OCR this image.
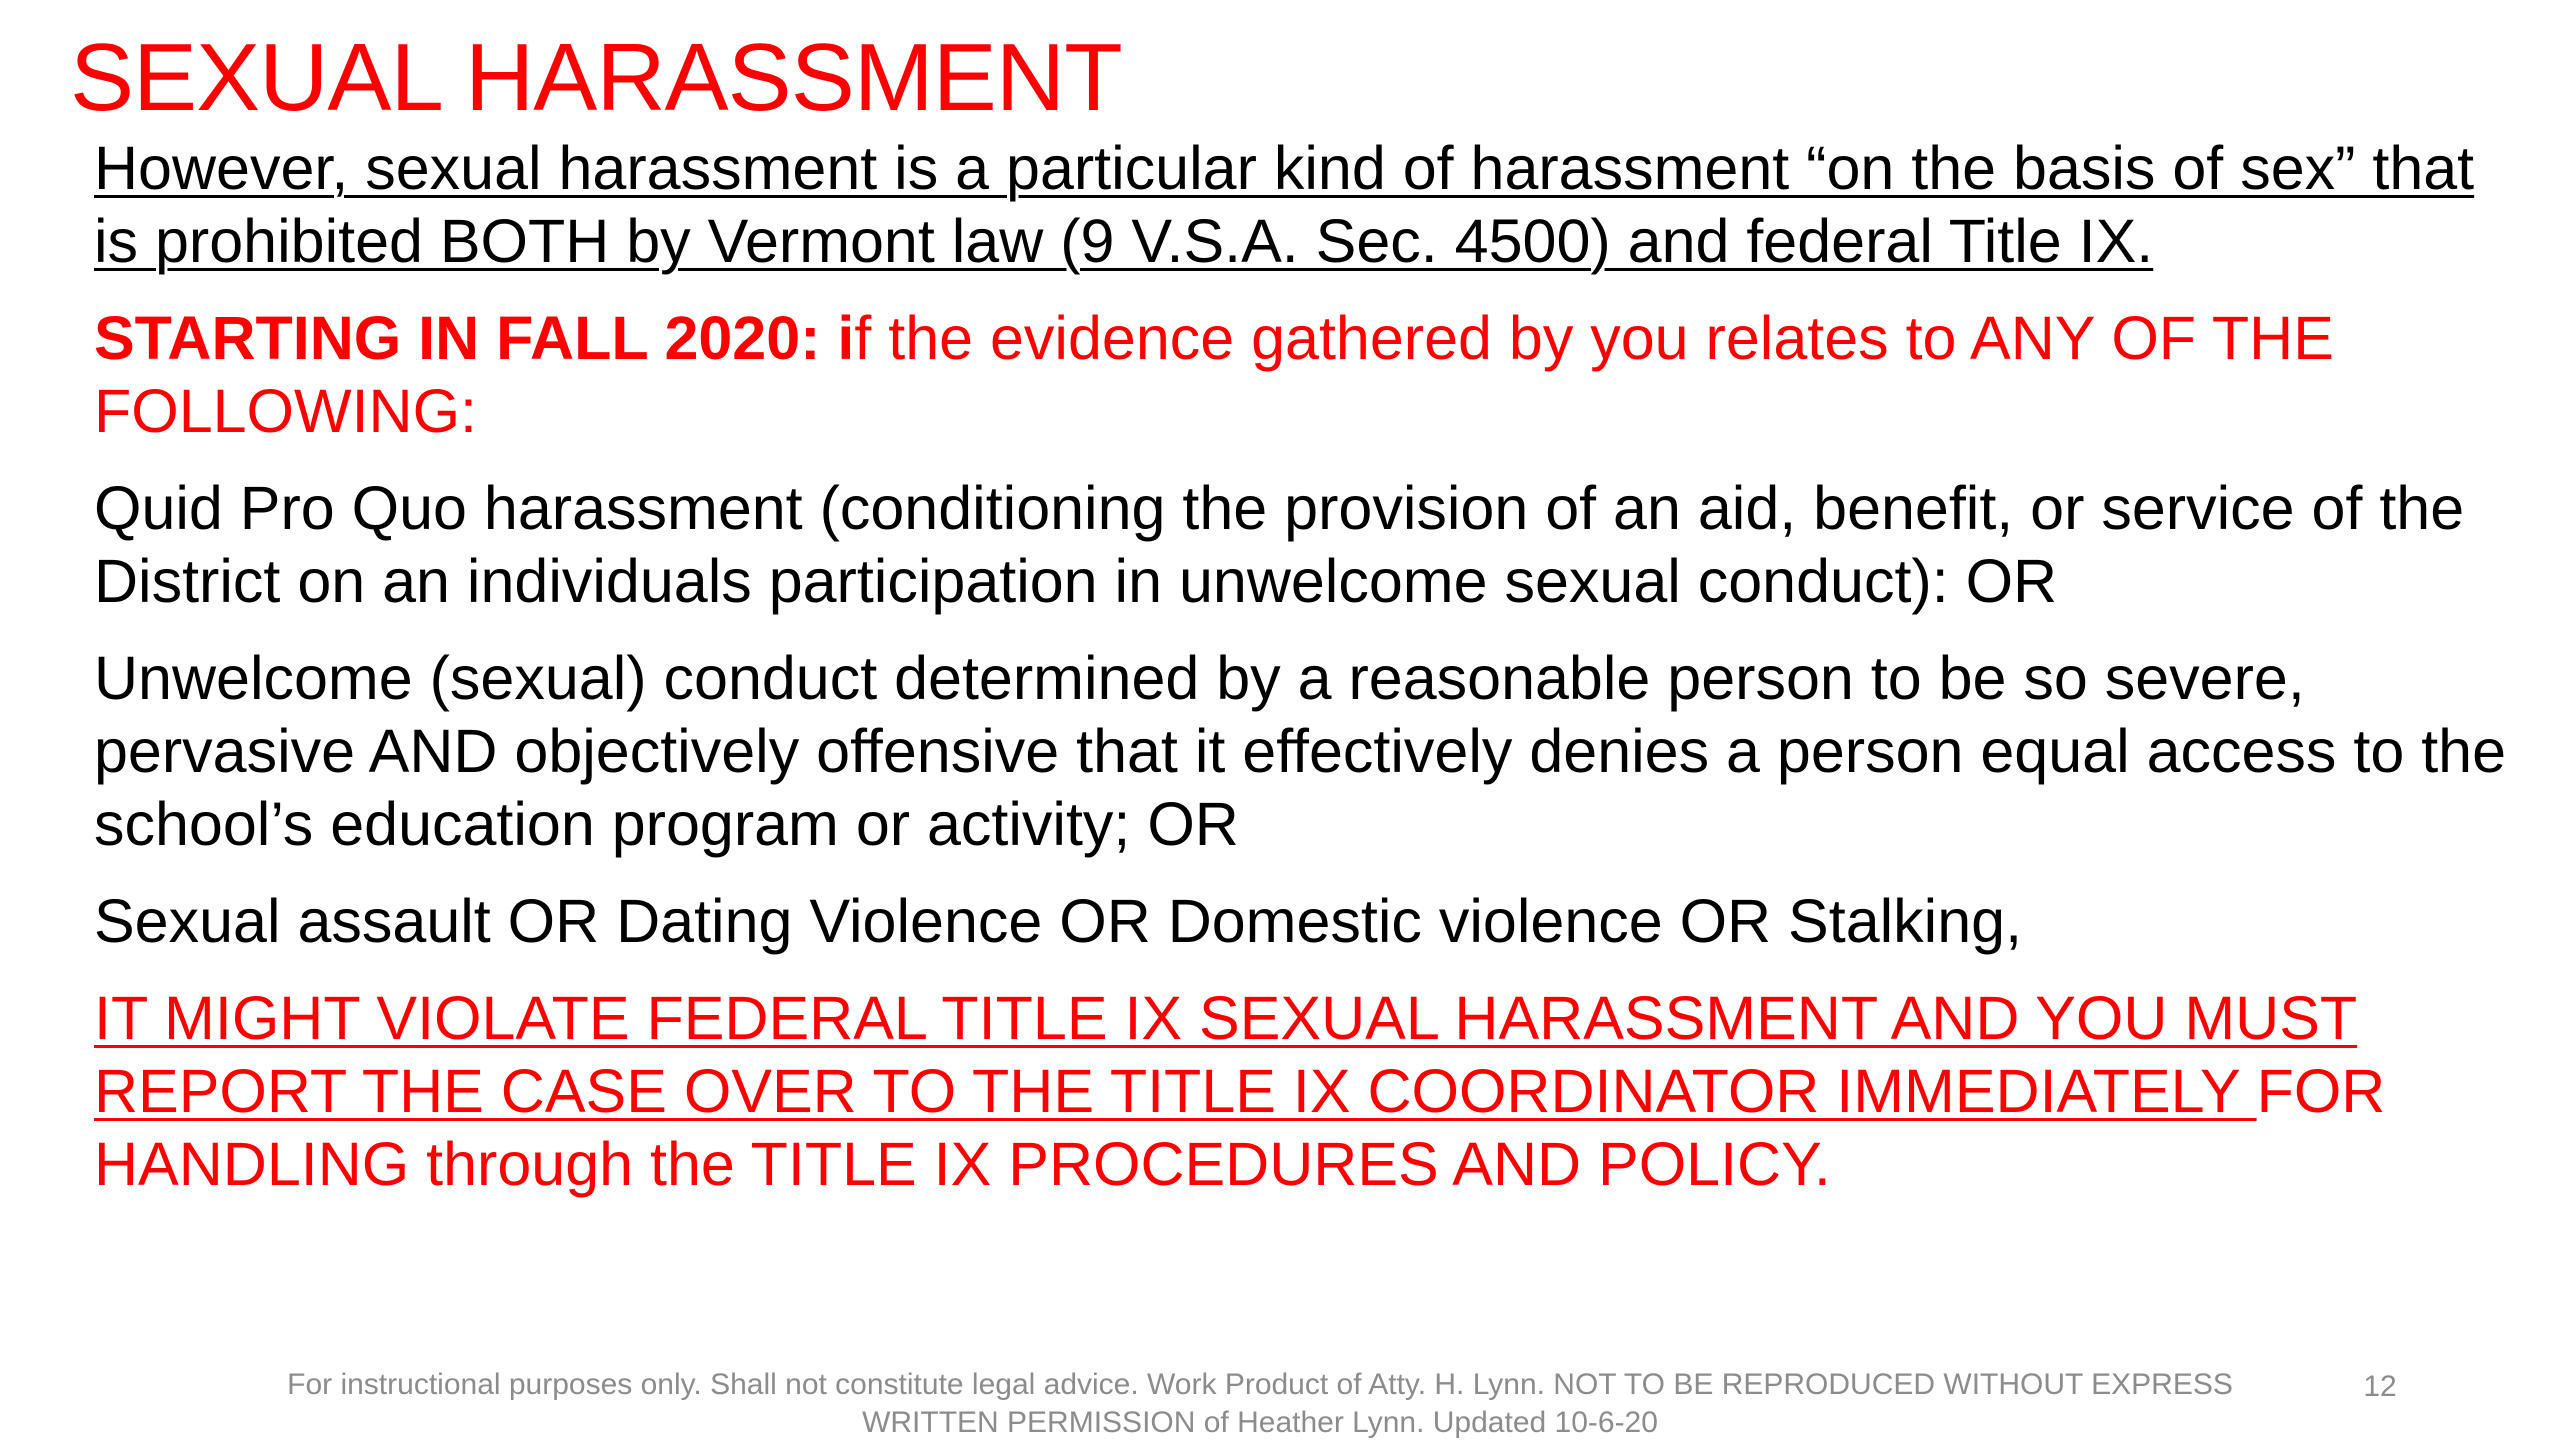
SEXUAL HARASSMENT

However, sexual harassment is a particular kind of harassment “on the basis of sex” that is prohibited BOTH by Vermont law (9 V.S.A. Sec. 4500) and federal Title IX.

STARTING IN FALL 2020: if the evidence gathered by you relates to ANY OF THE FOLLOWING:

Quid Pro Quo harassment (conditioning the provision of an aid, benefit, or service of the District on an individuals participation in unwelcome sexual conduct): OR

Unwelcome (sexual) conduct determined by a reasonable person to be so severe, pervasive AND objectively offensive that it effectively denies a person equal access to the school’s education program or activity; OR

Sexual assault OR Dating Violence OR Domestic violence OR Stalking,

IT MIGHT VIOLATE FEDERAL TITLE IX SEXUAL HARASSMENT AND YOU MUST REPORT THE CASE OVER TO THE TITLE IX COORDINATOR IMMEDIATELY FOR HANDLING through the TITLE IX PROCEDURES AND POLICY.

For instructional purposes only. Shall not constitute legal advice. Work Product of Atty. H. Lynn. NOT TO BE REPRODUCED WITHOUT EXPRESS WRITTEN PERMISSION of Heather Lynn. Updated 10-6-20
12
